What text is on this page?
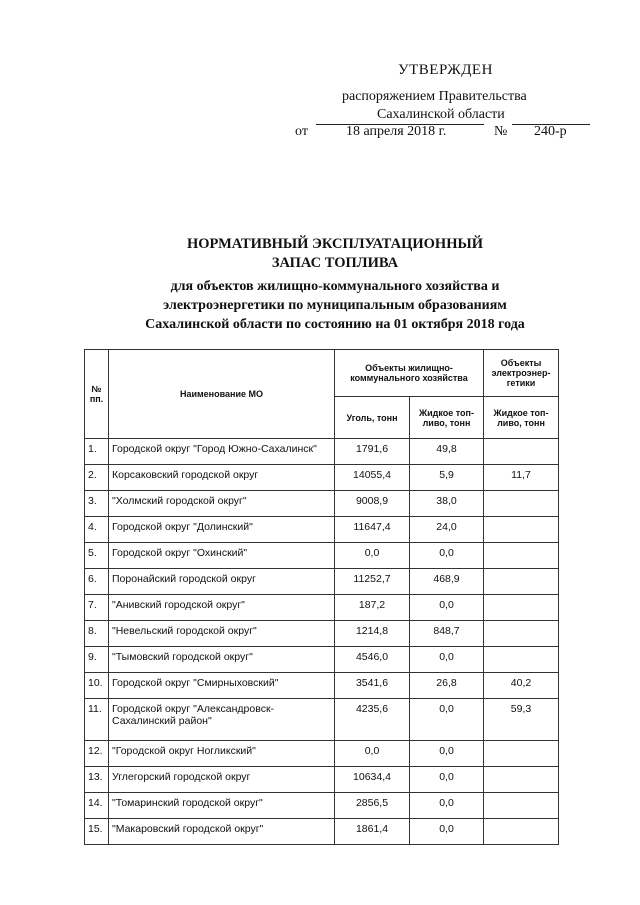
УТВЕРЖДЕН
распоряжением Правительства
Сахалинской области
от	18 апреля 2018 г.	№ 240-р
НОРМАТИВНЫЙ ЭКСПЛУАТАЦИОННЫЙ
ЗАПАС ТОПЛИВА
для объектов жилищно-коммунального хозяйства и
электроэнергетики по муниципальным образованиям
Сахалинской области по состоянию на 01 октября 2018 года
№ пп.	Наименование МО	Объекты жилищно-коммунального хозяйства		Объекты электроэнер-гетики
		Уголь, тонн	Жидкое топ-ливо, тонн	Жидкое топ-ливо, тонн
1.	Городской округ "Город Южно-Сахалинск"	1791,6	49,8	
2.	Корсаковский городской округ	14055,4	5,9	11,7
3.	"Холмский городской округ"	9008,9	38,0	
4.	Городской округ "Долинский"	11647,4	24,0	
5.	Городской округ "Охинский"	0,0	0,0	
6.	Поронайский городской округ	11252,7	468,9	
7.	"Анивский городской округ"	187,2	0,0	
8.	"Невельский городской округ"	1214,8	848,7	
9.	"Тымовский городской округ"	4546,0	0,0	
10.	Городской округ "Смирныховский"	3541,6	26,8	40,2
11.	Городской округ "Александровск-Сахалинский район"	4235,6	0,0	59,3
12.	"Городской округ Ногликский"	0,0	0,0	
13.	Углегорский городской округ	10634,4	0,0	
14.	"Томаринский городской округ"	2856,5	0,0	
15.	"Макаровский городской округ"	1861,4	0,0	
